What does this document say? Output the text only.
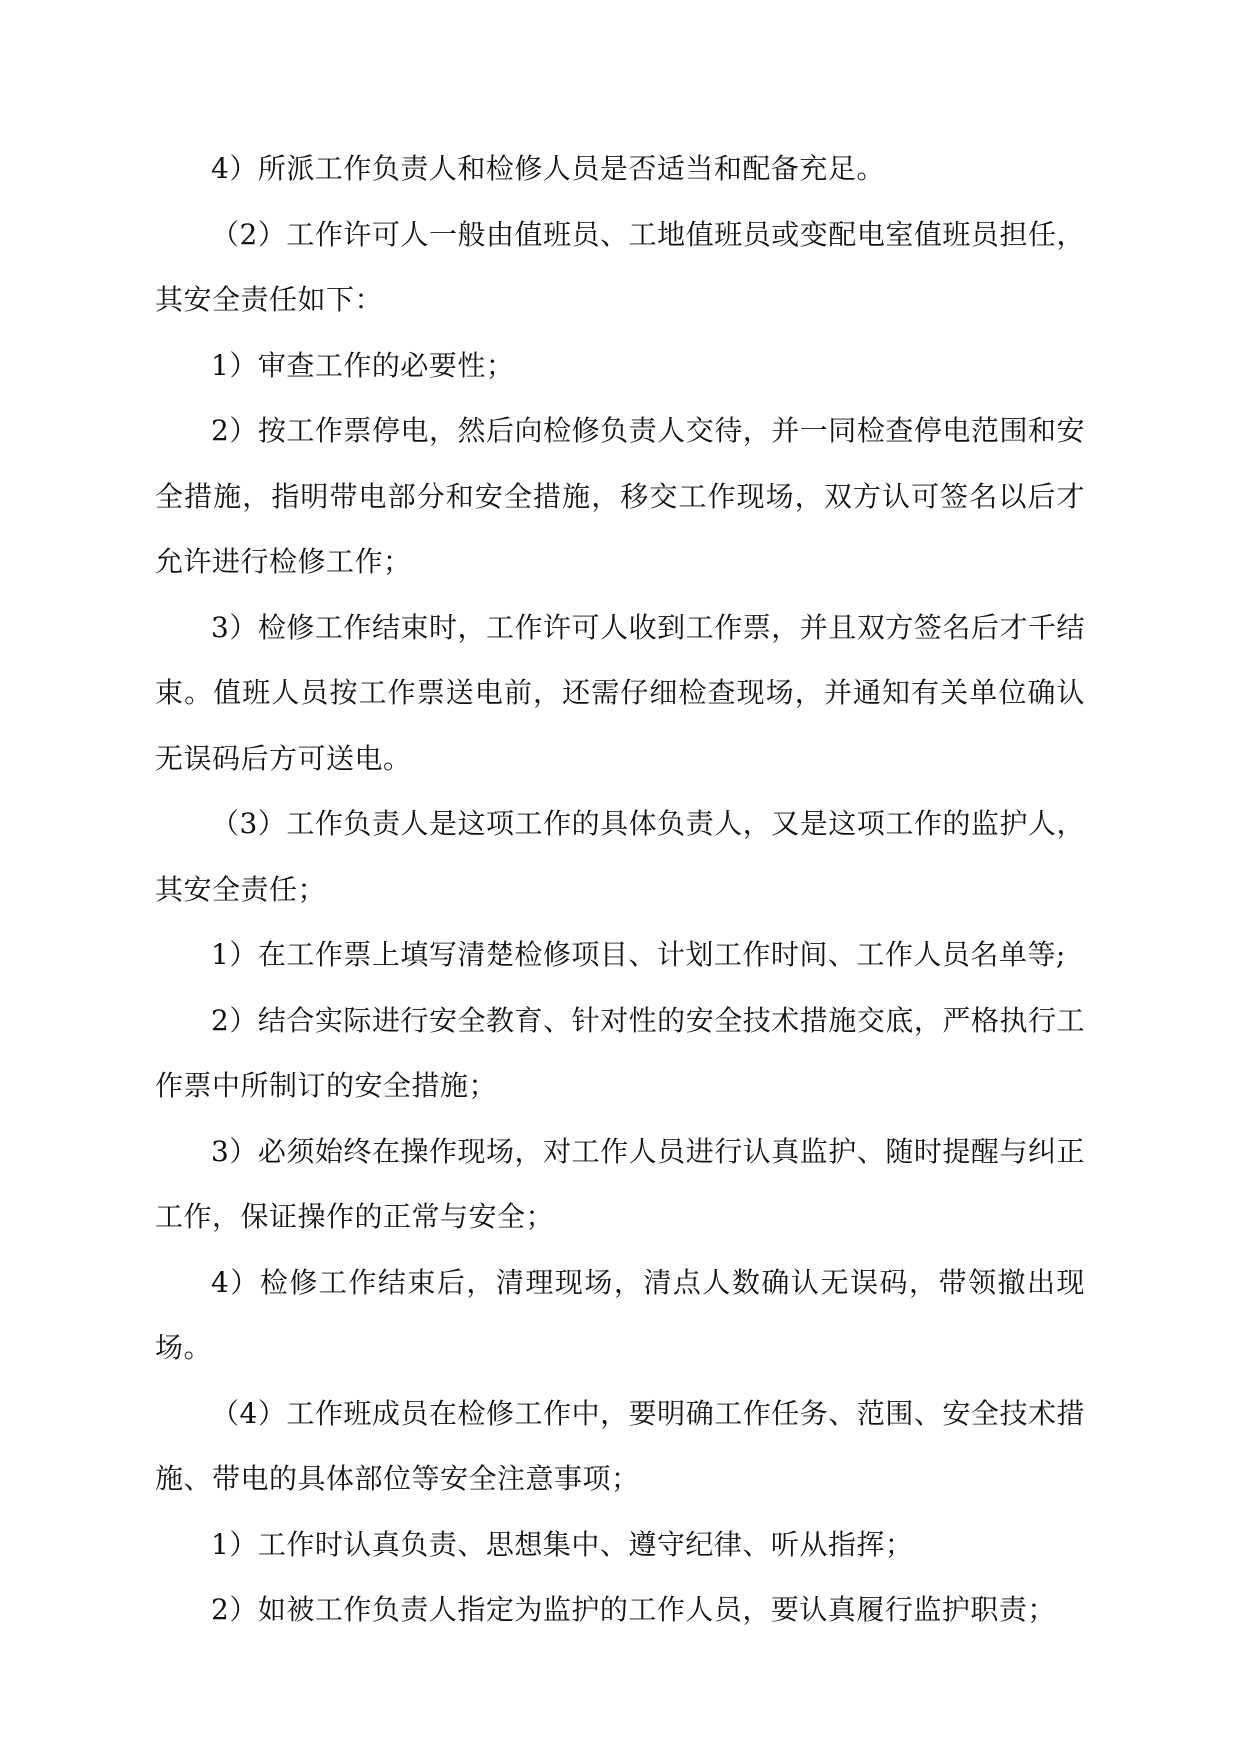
4）所派工作负责人和检修人员是否适当和配备充足。

（2）工作许可人一般由值班员、工地值班员或变配电室值班员担任，其安全责任如下：

1）审查工作的必要性；

2）按工作票停电，然后向检修负责人交待，并一同检查停电范围和安全措施，指明带电部分和安全措施，移交工作现场，双方认可签名以后才允许进行检修工作；

3）检修工作结束时，工作许可人收到工作票，并且双方签名后才千结束。值班人员按工作票送电前，还需仔细检查现场，并通知有关单位确认无误码后方可送电。

（3）工作负责人是这项工作的具体负责人，又是这项工作的监护人，其安全责任；

1）在工作票上填写清楚检修项目、计划工作时间、工作人员名单等;

2）结合实际进行安全教育、针对性的安全技术措施交底，严格执行工作票中所制订的安全措施；

3）必须始终在操作现场，对工作人员进行认真监护、随时提醒与纠正工作，保证操作的正常与安全；

4）检修工作结束后，清理现场，清点人数确认无误码，带领撤出现场。

（4）工作班成员在检修工作中，要明确工作任务、范围、安全技术措施、带电的具体部位等安全注意事项；

1）工作时认真负责、思想集中、遵守纪律、听从指挥；

2）如被工作负责人指定为监护的工作人员，要认真履行监护职责；
